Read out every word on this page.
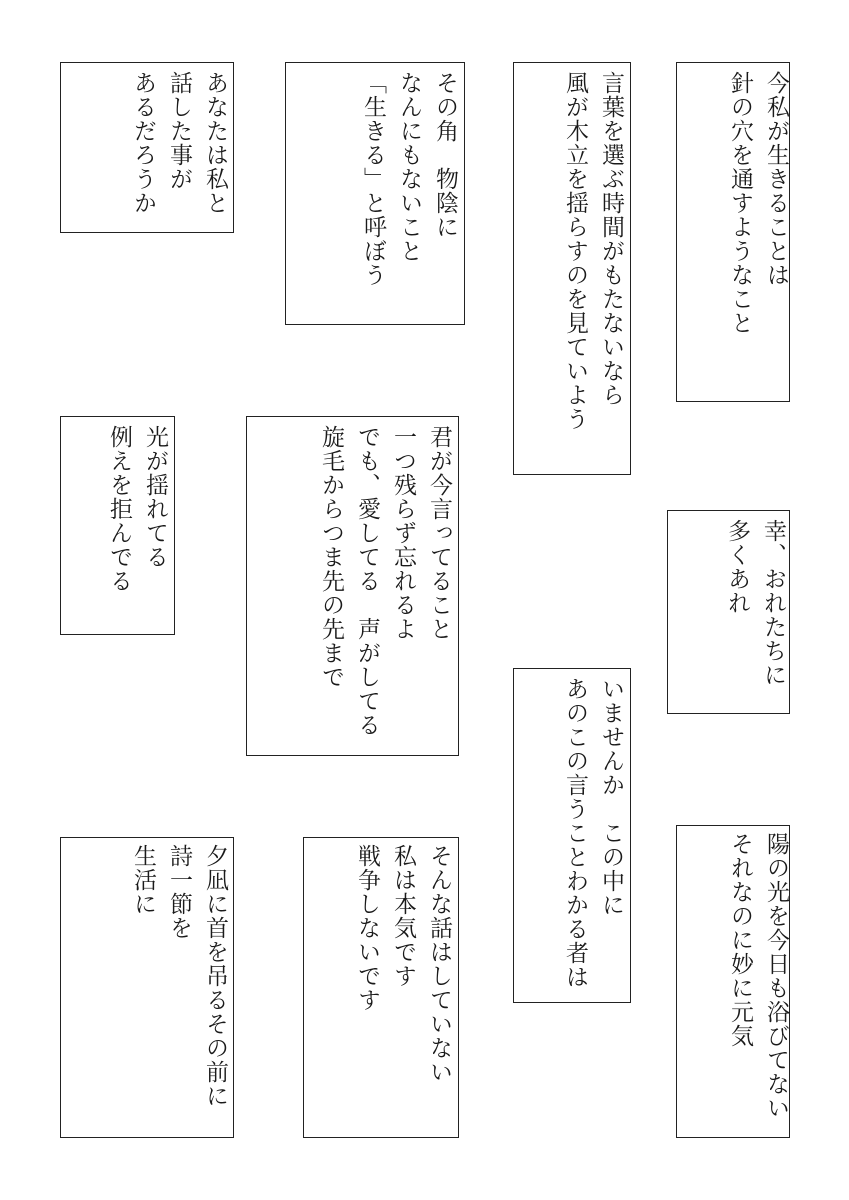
今私が生きることは
針の穴を通すようなこと
言葉を選ぶ時間がもたないなら
風が木立を揺らすのを見ていよう
その角　物陰に
なんにもないこと
「生きる」と呼ぼう
あなたは私と
話した事が
あるだろうか
幸、おれたちに
多くあれ
君が今言ってること
一つ残らず忘れるよ
でも、愛してる　声がしてる
旋毛からつま先の先まで
光が揺れてる
例えを拒んでる
いませんか　この中に
あのこの言うことわかる者は	陽の光を今日も浴びてない
それなのに妙に元気
そんな話はしていない
私は本気です
戦争しないです
夕凪に首を吊るその前に
詩一節を
生活に
